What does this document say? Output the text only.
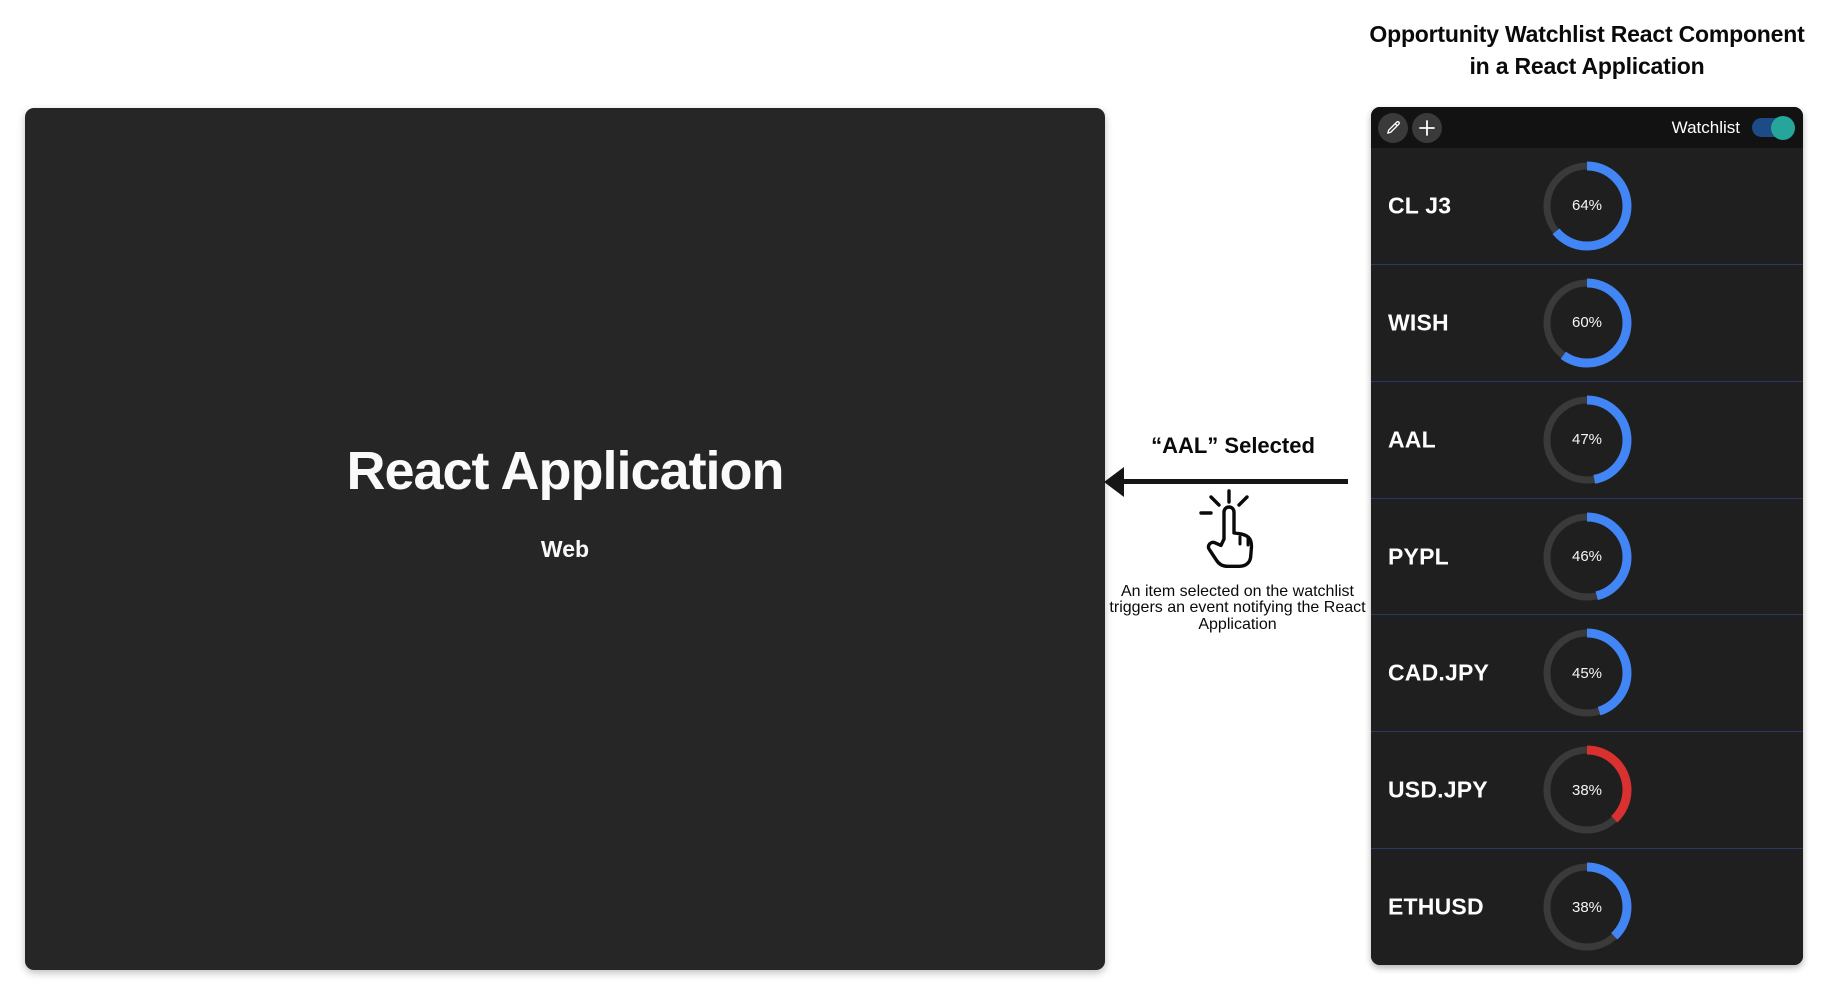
React Application
Web
Opportunity Watchlist React Component
in a React Application
“AAL” Selected
An item selected on the watchlist triggers an event notifying the React Application
Watchlist
CL J3	64%
WISH	60%
AAL	47%
PYPL	46%
CAD.JPY	45%
USD.JPY	38%
ETHUSD	38%
